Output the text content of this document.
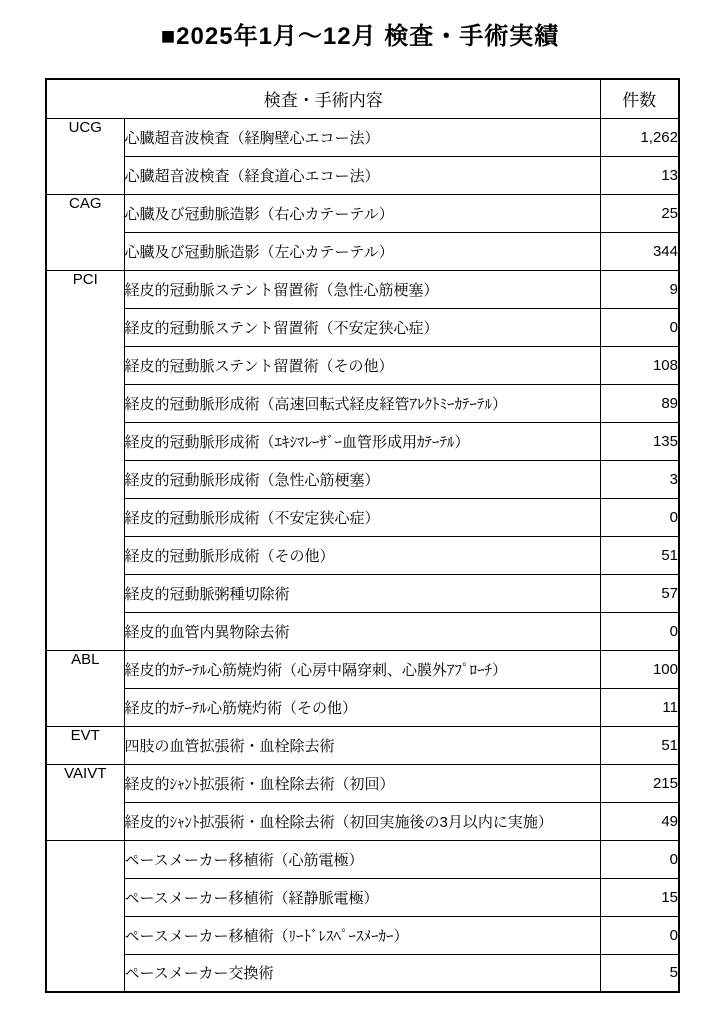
■2025年1月～12月 検査・手術実績
検査・手術内容		件数
UCG	心臓超音波検査（経胸壁心エコー法）	1,262
	心臓超音波検査（経食道心エコー法）	13
CAG	心臓及び冠動脈造影（右心カテーテル）	25
	心臓及び冠動脈造影（左心カテーテル）	344
PCI	経皮的冠動脈ステント留置術（急性心筋梗塞）	9
	経皮的冠動脈ステント留置術（不安定狭心症）	0
	経皮的冠動脈ステント留置術（その他）	108
	経皮的冠動脈形成術（高速回転式経皮経管ｱﾚｸﾄﾐｰｶﾃｰﾃﾙ）	89
	経皮的冠動脈形成術（ｴｷｼﾏﾚｰｻﾞｰ血管形成用ｶﾃｰﾃﾙ）	135
	経皮的冠動脈形成術（急性心筋梗塞）	3
	経皮的冠動脈形成術（不安定狭心症）	0
	経皮的冠動脈形成術（その他）	51
	経皮的冠動脈粥種切除術	57
	経皮的血管内異物除去術	0
ABL	経皮的ｶﾃｰﾃﾙ心筋焼灼術（心房中隔穿刺、心膜外ｱﾌﾟﾛｰﾁ）	100
	経皮的ｶﾃｰﾃﾙ心筋焼灼術（その他）	11
EVT	四肢の血管拡張術・血栓除去術	51
VAIVT	経皮的ｼｬﾝﾄ拡張術・血栓除去術（初回）	215
	経皮的ｼｬﾝﾄ拡張術・血栓除去術（初回実施後の3月以内に実施）	49
	ペースメーカー移植術（心筋電極）	0
	ペースメーカー移植術（経静脈電極）	15
	ペースメーカー移植術（ﾘｰﾄﾞﾚｽﾍﾟｰｽﾒｰｶｰ）	0
	ペースメーカー交換術	5
